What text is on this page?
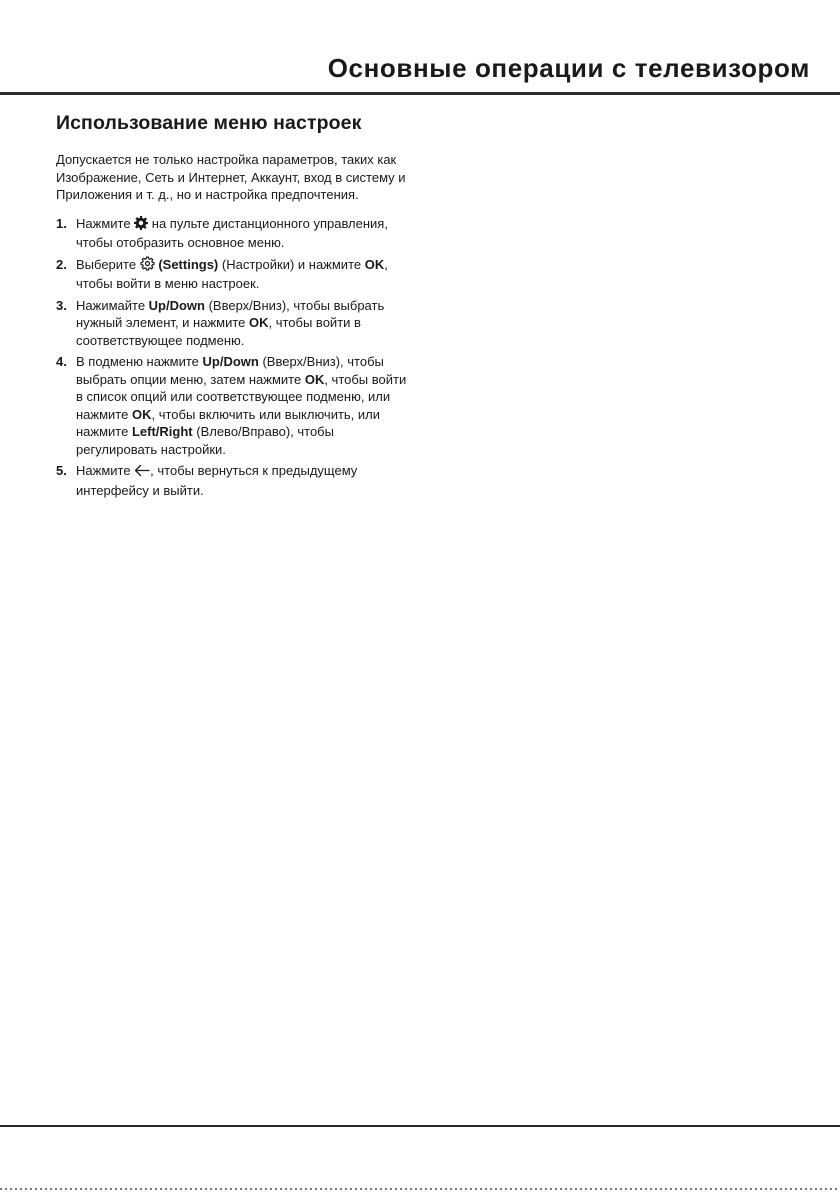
Основные операции с телевизором
Использование меню настроек

Допускается не только настройка параметров, таких как Изображение, Сеть и Интернет, Аккаунт, вход в систему и Приложения и т. д., но и настройка предпочтения.

1. Нажмите  на пульте дистанционного управления, чтобы отобразить основное меню.
2. Выберите  (Settings) (Настройки) и нажмите OK, чтобы войти в меню настроек.
3. Нажимайте Up/Down (Вверх/Вниз), чтобы выбрать нужный элемент, и нажмите OK, чтобы войти в соответствующее подменю.
4. В подменю нажмите Up/Down (Вверх/Вниз), чтобы выбрать опции меню, затем нажмите OK, чтобы войти в список опций или соответствующее подменю, или нажмите OK, чтобы включить или выключить, или нажмите Left/Right (Влево/Вправо), чтобы регулировать настройки.
5. Нажмите , чтобы вернуться к предыдущему интерфейсу и выйти.
